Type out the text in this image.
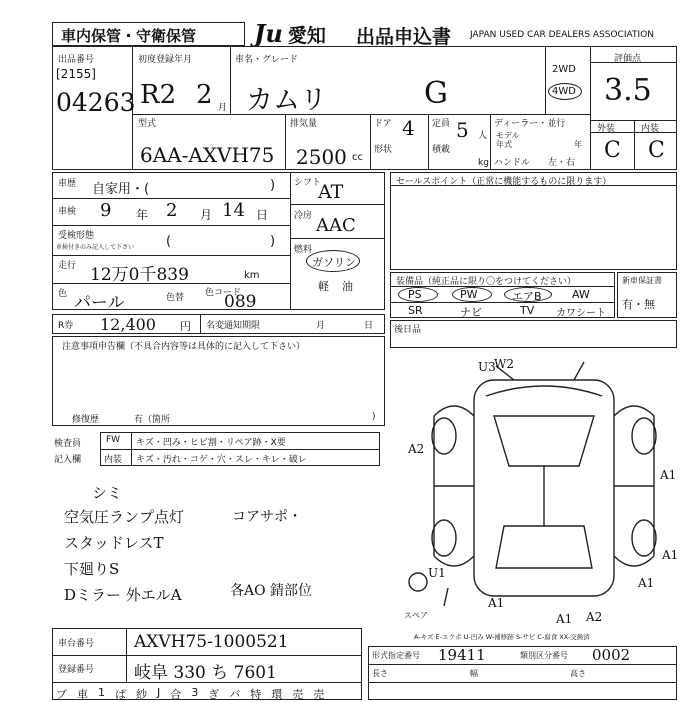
車内保管・守衛保管 Ju 愛知 出品申込書 JAPAN USED CAR DEALERS ASSOCIATION
出品番号
[2155]
04263
初度登録年月
R2 2 月
車名・グレード
カムリ	G
2WD
4WD
評価点
3.5
外装	内装
C C
型式
6AA-AXVH75
排気量
2500 cc
ドア 4
形状
定員 5 人
積載
kg
ディーラー・並行
モデル
年式	年
ハンドル 左・右
車歴 自家用・(	)
車検 9 年 2 月 14 日
受検形態
車検付きのみ記入して下さい (	)
走行 12万0千839	km
色 パール	色替 色コード
089
シフト
AT
冷房 AAC
燃料
ガソリン
軽 油
セールスポイント（正常に機能するものに限ります）
装備品（純正品に限り〇をつけてください）
PS	PW	エアB	AW
SR	ナビ	TV カワシート
新車保証書
有・無
後日品
R券 12,400 円 名変通知期限	月	日
注意事項申告欄（不具合内容等は具体的に記入して下さい）
修復歴	有（箇所	)
検査員
記入欄
FW キズ・凹み・ヒビ割・リペア跡・X要
内装 キズ・汚れ・コゲ・穴・スレ・キレ・破レ
シミ
空気圧ランプ点灯	コアサポ・
スタッドレスT
下廻りS
Dミラー 外エルA	各AO 錆部位
U3
W2
A2
A1
U1
A1
A1
A2
A1
A1
スペア
A-キズ E-エクボ U-凹み W-補修跡 S-サビ C-腐食 XX-交換済
車台番号 AXVH75-1000521
登録番号 岐阜 330 ち 7601
プ 車 1 ぱ 紗 J 合 3 ぎ バ 特 環 売 売
形式指定番号 19411	類別区分番号 0002
長さ	幅	高さ
